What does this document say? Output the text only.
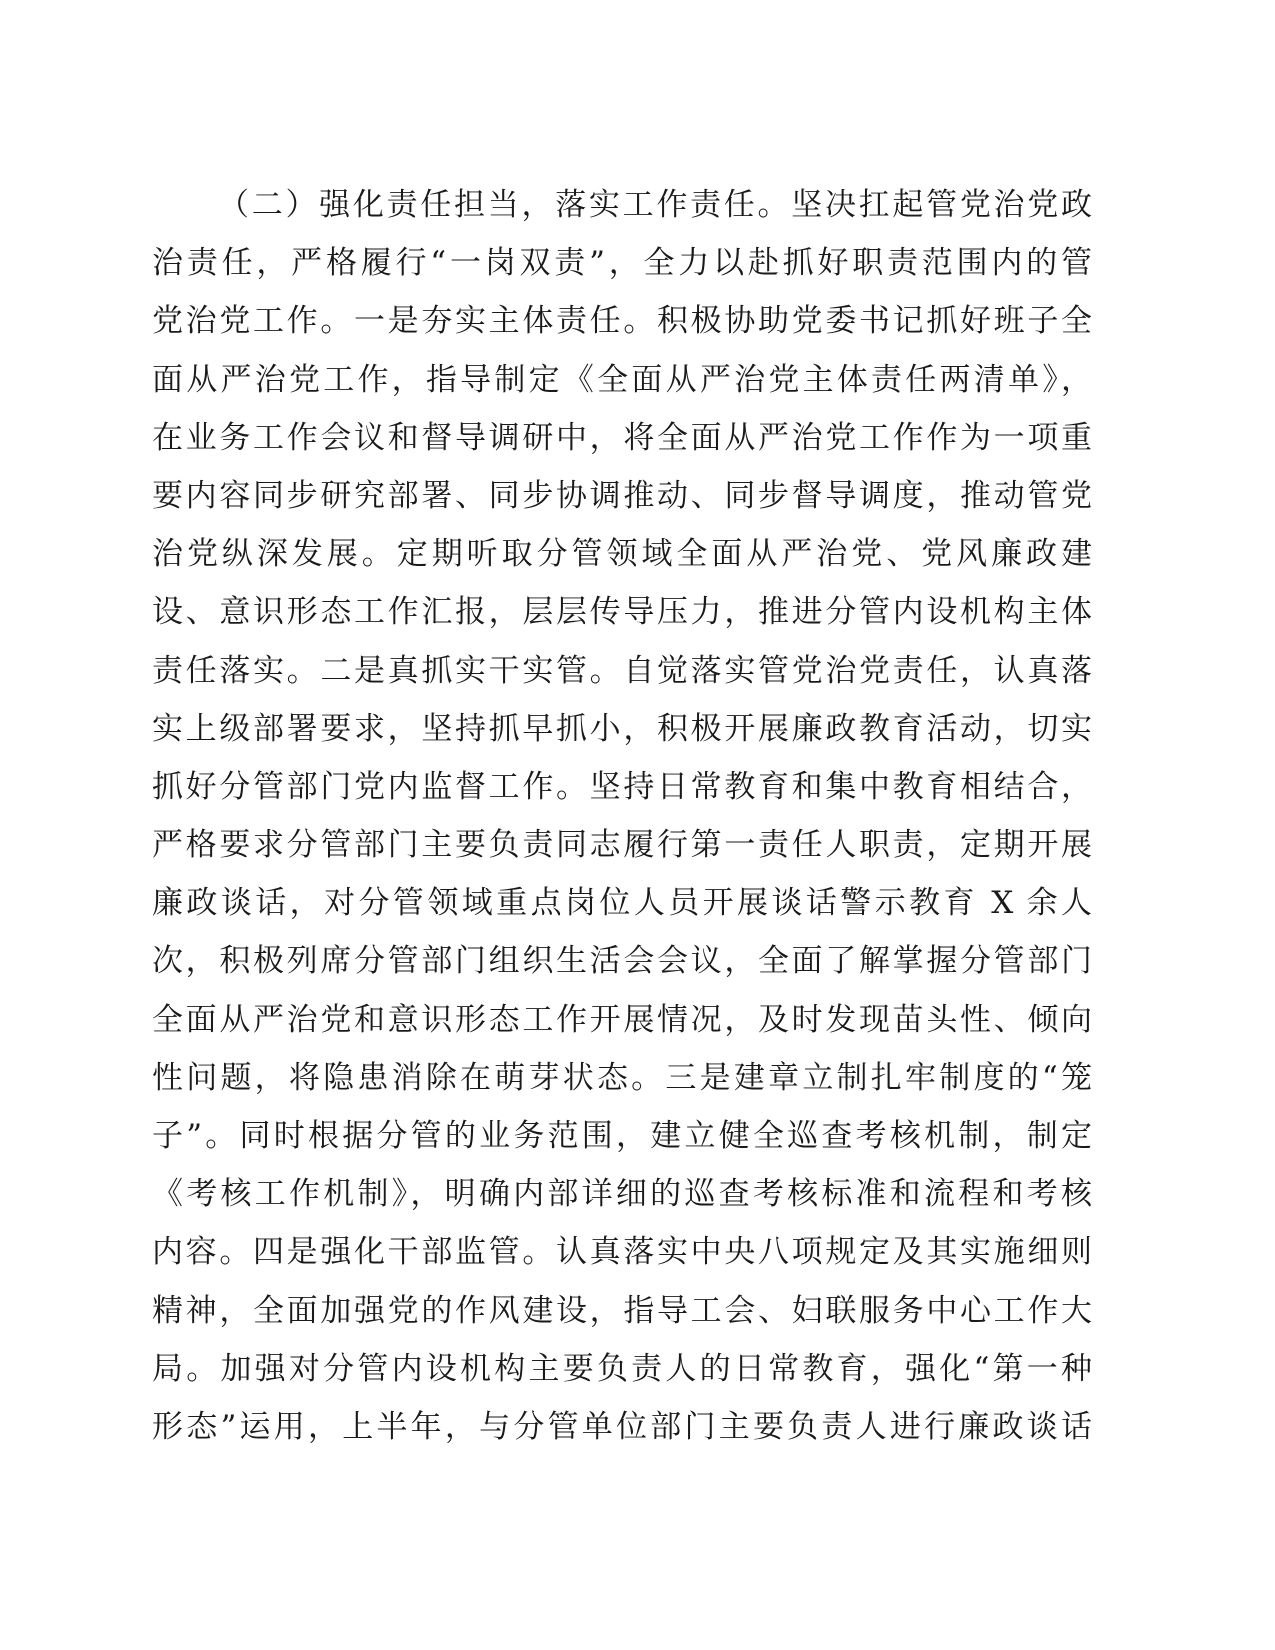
（二）强化责任担当，落实工作责任。坚决扛起管党治党政
治责任，严格履行“一岗双责”，全力以赴抓好职责范围内的管
党治党工作。一是夯实主体责任。积极协助党委书记抓好班子全
面从严治党工作，指导制定《全面从严治党主体责任两清单》，
在业务工作会议和督导调研中，将全面从严治党工作作为一项重
要内容同步研究部署、同步协调推动、同步督导调度，推动管党
治党纵深发展。定期听取分管领域全面从严治党、党风廉政建
设、意识形态工作汇报，层层传导压力，推进分管内设机构主体
责任落实。二是真抓实干实管。自觉落实管党治党责任，认真落
实上级部署要求，坚持抓早抓小，积极开展廉政教育活动，切实
抓好分管部门党内监督工作。坚持日常教育和集中教育相结合，
严格要求分管部门主要负责同志履行第一责任人职责，定期开展
廉政谈话，对分管领域重点岗位人员开展谈话警示教育 X 余人
次，积极列席分管部门组织生活会会议，全面了解掌握分管部门
全面从严治党和意识形态工作开展情况，及时发现苗头性、倾向
性问题，将隐患消除在萌芽状态。三是建章立制扎牢制度的“笼
子”。同时根据分管的业务范围，建立健全巡查考核机制，制定
《考核工作机制》，明确内部详细的巡查考核标准和流程和考核
内容。四是强化干部监管。认真落实中央八项规定及其实施细则
精神，全面加强党的作风建设，指导工会、妇联服务中心工作大
局。加强对分管内设机构主要负责人的日常教育，强化“第一种
形态”运用，上半年，与分管单位部门主要负责人进行廉政谈话
